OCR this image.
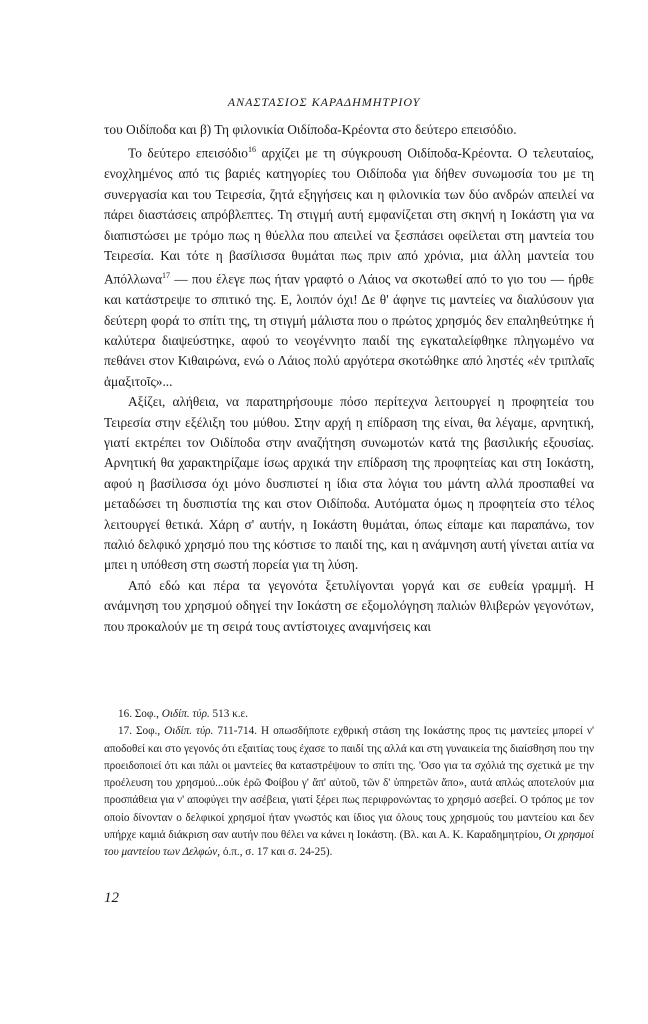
ΑΝΑΣΤΑΣΙΟΣ ΚΑΡΑΔΗΜΗΤΡΙΟΥ

του Οιδίποδα και β) Τη φιλονικία Οιδίποδα-Κρέοντα στο δεύτερο επεισόδιο.

Το δεύτερο επεισόδιο$^{16}$ αρχίζει με τη σύγκρουση Οιδίποδα-Κρέοντα. Ο τελευταίος, ενοχλημένος από τις βαριές κατηγορίες του Οιδίποδα για δήθεν συνωμοσία του με τη συνεργασία και του Τειρεσία, ζητά εξηγήσεις και η φιλονικία των δύο ανδρών απειλεί να πάρει διαστάσεις απρόβλεπτες. Τη στιγμή αυτή εμφανίζεται στη σκηνή η Ιοκάστη για να διαπιστώσει με τρόμο πως η θύελλα που απειλεί να ξεσπάσει οφείλεται στη μαντεία του Τειρεσία. Και τότε η βασίλισσα θυμάται πως πριν από χρόνια, μια άλλη μαντεία του Απόλλωνα$^{17}$ — που έλεγε πως ήταν γραφτό ο Λάιος να σκοτωθεί από το γιο του — ήρθε και κατάστρεψε το σπιτικό της. Ε, λοιπόν όχι! Δε θ' άφηνε τις μαντείες να διαλύσουν για δεύτερη φορά το σπίτι της, τη στιγμή μάλιστα που ο πρώτος χρησμός δεν επαληθεύτηκε ή καλύτερα διαψεύστηκε, αφού το νεογέννητο παιδί της εγκαταλείφθηκε πληγωμένο να πεθάνει στον Κιθαιρώνα, ενώ ο Λάιος πολύ αργότερα σκοτώθηκε από ληστές «ἐν τριπλαῖς ἁμαξιτοῖς»...

Αξίζει, αλήθεια, να παρατηρήσουμε πόσο περίτεχνα λειτουργεί η προφητεία του Τειρεσία στην εξέλιξη του μύθου. Στην αρχή η επίδραση της είναι, θα λέγαμε, αρνητική, γιατί εκτρέπει τον Οιδίποδα στην αναζήτηση συνωμοτών κατά της βασιλικής εξουσίας. Αρνητική θα χαρακτηρίζαμε ίσως αρχικά την επίδραση της προφητείας και στη Ιοκάστη, αφού η βασίλισσα όχι μόνο δυσπιστεί η ίδια στα λόγια του μάντη αλλά προσπαθεί να μεταδώσει τη δυσπιστία της και στον Οιδίποδα. Αυτόματα όμως η προφητεία στο τέλος λειτουργεί θετικά. Χάρη σ' αυτήν, η Ιοκάστη θυμάται, όπως είπαμε και παραπάνω, τον παλιό δελφικό χρησμό που της κόστισε το παιδί της, και η ανάμνηση αυτή γίνεται αιτία να μπει η υπόθεση στη σωστή πορεία για τη λύση.

Από εδώ και πέρα τα γεγονότα ξετυλίγονται γοργά και σε ευθεία γραμμή. Η ανάμνηση του χρησμού οδηγεί την Ιοκάστη σε εξομολόγηση παλιών θλιβερών γεγονότων, που προκαλούν με τη σειρά τους αντίστοιχες αναμνήσεις και

16. Σοφ., Οιδίπ. τύρ. 513 κ.ε.

17. Σοφ., Οιδίπ. τύρ. 711-714. Η οπωσδήποτε εχθρική στάση της Ιοκάστης προς τις μαντείες μπορεί ν' αποδοθεί και στο γεγονός ότι εξαιτίας τους έχασε το παιδί της αλλά και στη γυναικεία της διαίσθηση που την προειδοποιεί ότι και πάλι οι μαντείες θα καταστρέψουν το σπίτι της. 'Οσο για τα σχόλιά της σχετικά με την προέλευση του χρησμού...οὐκ ἐρῶ Φοίβου γ' ἄπ' αὐτοῦ, τῶν δ' ὑπηρετῶν ἄπο», αυτά απλώς αποτελούν μια προσπάθεια για ν' αποφύγει την ασέβεια, γιατί ξέρει πως περιφρονώντας το χρησμό ασεβεί. Ο τρόπος με τον οποίο δίνονταν ο δελφικοί χρησμοί ήταν γνωστός και ίδιος για όλους τους χρησμούς του μαντείου και δεν υπήρχε καμιά διάκριση σαν αυτήν που θέλει να κάνει η Ιοκάστη. (Βλ. και Α. Κ. Καραδημητρίου, Οι χρησμοί του μαντείου των Δελφών, ό.π., σ. 17 και σ. 24-25).

12
